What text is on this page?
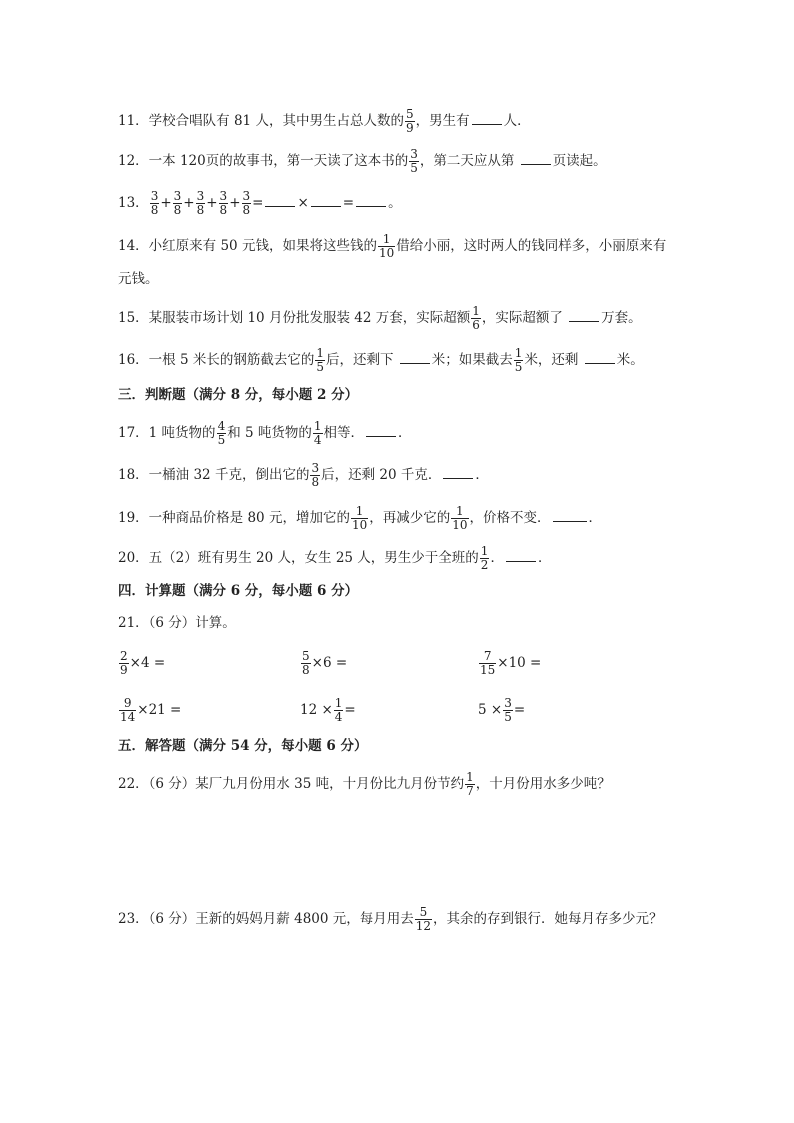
11．学校合唱队有 81 人，其中男生占总人数的 $\frac{5}{9}$ ，男生有	人．
12．一本 120页的故事书，第一天读了这本书的 $\frac{3}{5}$ ，第二天应从第	页读起。
13． $\frac{3}{8} + \frac{3}{8} + \frac{3}{8} + \frac{3}{8} + \frac{3}{8}$ =	×	=	。
14．小红原来有 50 元钱，如果将这些钱的 $\frac{1}{10}$ 借给小丽，这时两人的钱同样多，小丽原来有
元钱。
15．某服装市场计划 10 月份批发服装 42 万套，实际超额 $\frac{1}{6}$ ，实际超额了	万套。
16．一根 5 米长的钢筋截去它的 $\frac{1}{5}$ 后，还剩下	米；如果截去 $\frac{1}{5}$ 米，还剩	米。
三．判断题（满分 8 分，每小题 2 分）
17．1 吨货物的 $\frac{4}{5}$ 和 5 吨货物的 $\frac{1}{4}$ 相等．	．
18．一桶油 32 千克，倒出它的 $\frac{3}{8}$ 后，还剩 20 千克．	．
19．一种商品价格是 80 元，增加它的 $\frac{1}{10}$ ，再减少它的 $\frac{1}{10}$ ，价格不变．	．
20．五（2）班有男生 20 人，女生 25 人，男生少于全班的 $\frac{1}{2}$ ．	．
四．计算题（满分 6 分，每小题 6 分）
21．（6 分）计算。
$\frac{2}{9} \times 4$ =	$\frac{5}{8} \times 6$ =	$\frac{7}{15} \times 10$ =
$\frac{9}{14} \times 21$ =	$12 \times \frac{1}{4}$ =	$5 \times \frac{3}{5}$ =
五．解答题（满分 54 分，每小题 6 分）
22．（6 分）某厂九月份用水 35 吨，十月份比九月份节约 $\frac{1}{7}$ ，十月份用水多少吨？
23．（6 分）王新的妈妈月薪 4800 元，每月用去 $\frac{5}{12}$ ，其余的存到银行．她每月存多少元？
